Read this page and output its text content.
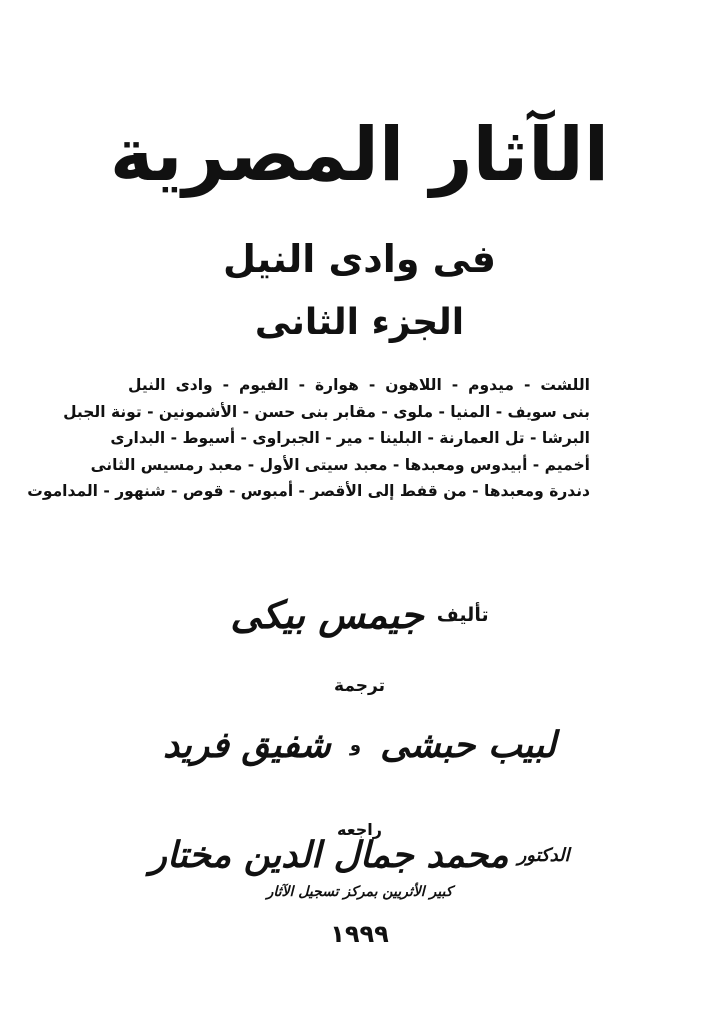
الآثار المصرية
فى وادى النيل
الجزء الثانى
اللشت - ميدوم - اللاهون - هوارة - الفيوم - وادى النيل
بنى سويف - المنيا - ملوى - مقابر بنى حسن - الأشمونين - تونة الجبل
البرشا - تل العمارنة - البلينا - مير - الجبراوى - أسيوط - البدارى
أخميم - أبيدوس ومعبدها - معبد سيتى الأول - معبد رمسيس الثانى
دندرة ومعبدها - من قفط إلى الأقصر - أمبوس - قوص - شنهور - المداموت
تأليف جيمس بيكى
ترجمة
لبيب حبشى و شفيق فريد
راجعه
الدكتور محمد جمال الدين مختار
كبير الأثريين بمركز تسجيل الآثار
١٩٩٩
